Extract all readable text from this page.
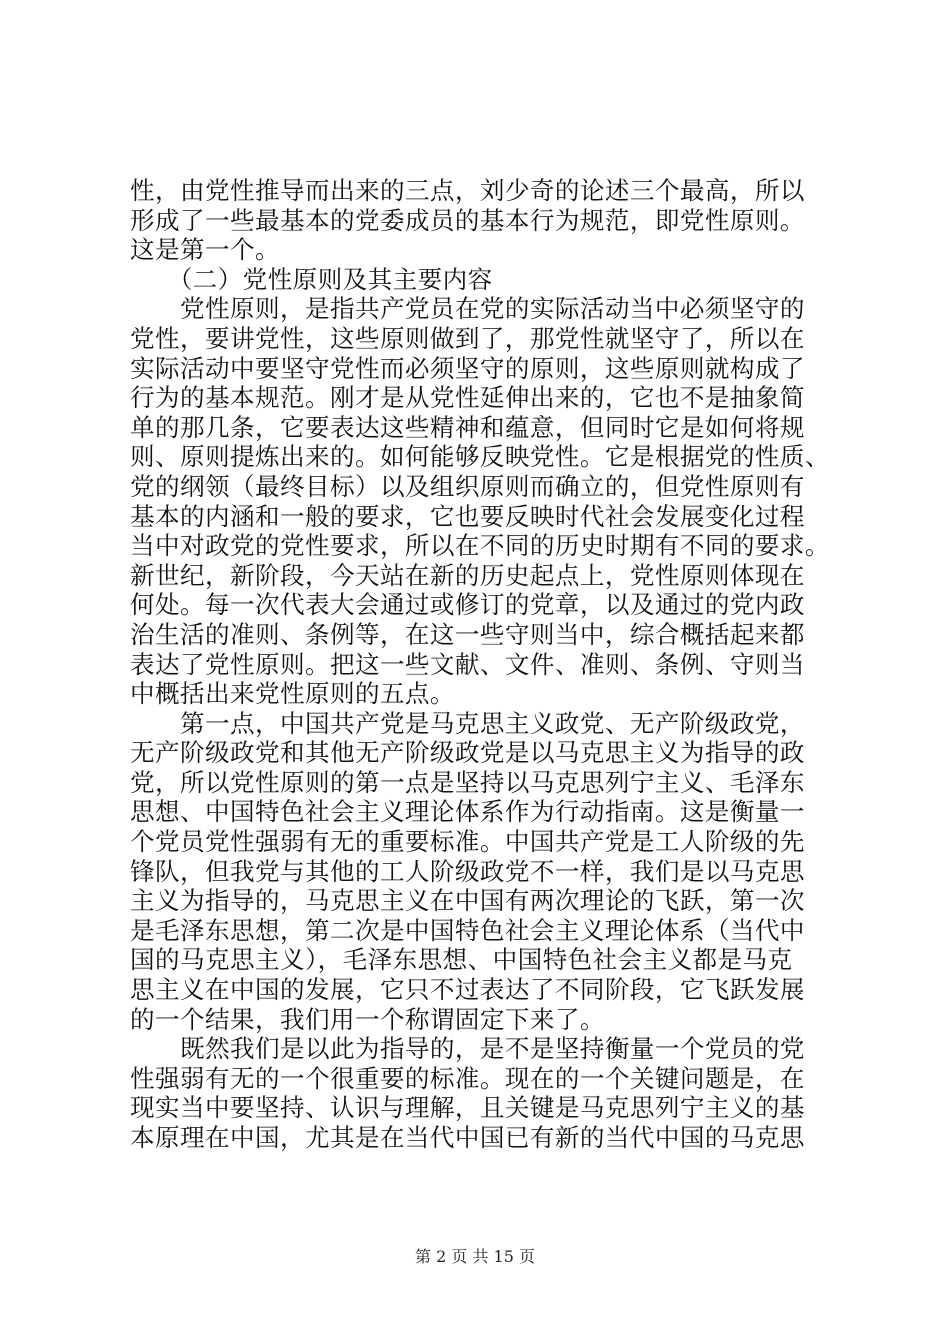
性，由党性推导而出来的三点，刘少奇的论述三个最高，所以
形成了一些最基本的党委成员的基本行为规范，即党性原则。
这是第一个。
　　（二）党性原则及其主要内容
　　党性原则，是指共产党员在党的实际活动当中必须坚守的
党性，要讲党性，这些原则做到了，那党性就坚守了，所以在
实际活动中要坚守党性而必须坚守的原则，这些原则就构成了
行为的基本规范。刚才是从党性延伸出来的，它也不是抽象简
单的那几条，它要表达这些精神和蕴意，但同时它是如何将规
则、原则提炼出来的。如何能够反映党性。它是根据党的性质、
党的纲领（最终目标）以及组织原则而确立的，但党性原则有
基本的内涵和一般的要求，它也要反映时代社会发展变化过程
当中对政党的党性要求，所以在不同的历史时期有不同的要求。
新世纪，新阶段，今天站在新的历史起点上，党性原则体现在
何处。每一次代表大会通过或修订的党章，以及通过的党内政
治生活的准则、条例等，在这一些守则当中，综合概括起来都
表达了党性原则。把这一些文献、文件、准则、条例、守则当
中概括出来党性原则的五点。
　　第一点，中国共产党是马克思主义政党、无产阶级政党，
无产阶级政党和其他无产阶级政党是以马克思主义为指导的政
党，所以党性原则的第一点是坚持以马克思列宁主义、毛泽东
思想、中国特色社会主义理论体系作为行动指南。这是衡量一
个党员党性强弱有无的重要标准。中国共产党是工人阶级的先
锋队，但我党与其他的工人阶级政党不一样，我们是以马克思
主义为指导的，马克思主义在中国有两次理论的飞跃，第一次
是毛泽东思想，第二次是中国特色社会主义理论体系（当代中
国的马克思主义），毛泽东思想、中国特色社会主义都是马克
思主义在中国的发展，它只不过表达了不同阶段，它飞跃发展
的一个结果，我们用一个称谓固定下来了。
　　既然我们是以此为指导的，是不是坚持衡量一个党员的党
性强弱有无的一个很重要的标准。现在的一个关键问题是，在
现实当中要坚持、认识与理解，且关键是马克思列宁主义的基
本原理在中国，尤其是在当代中国已有新的当代中国的马克思
第 2 页 共 15 页
